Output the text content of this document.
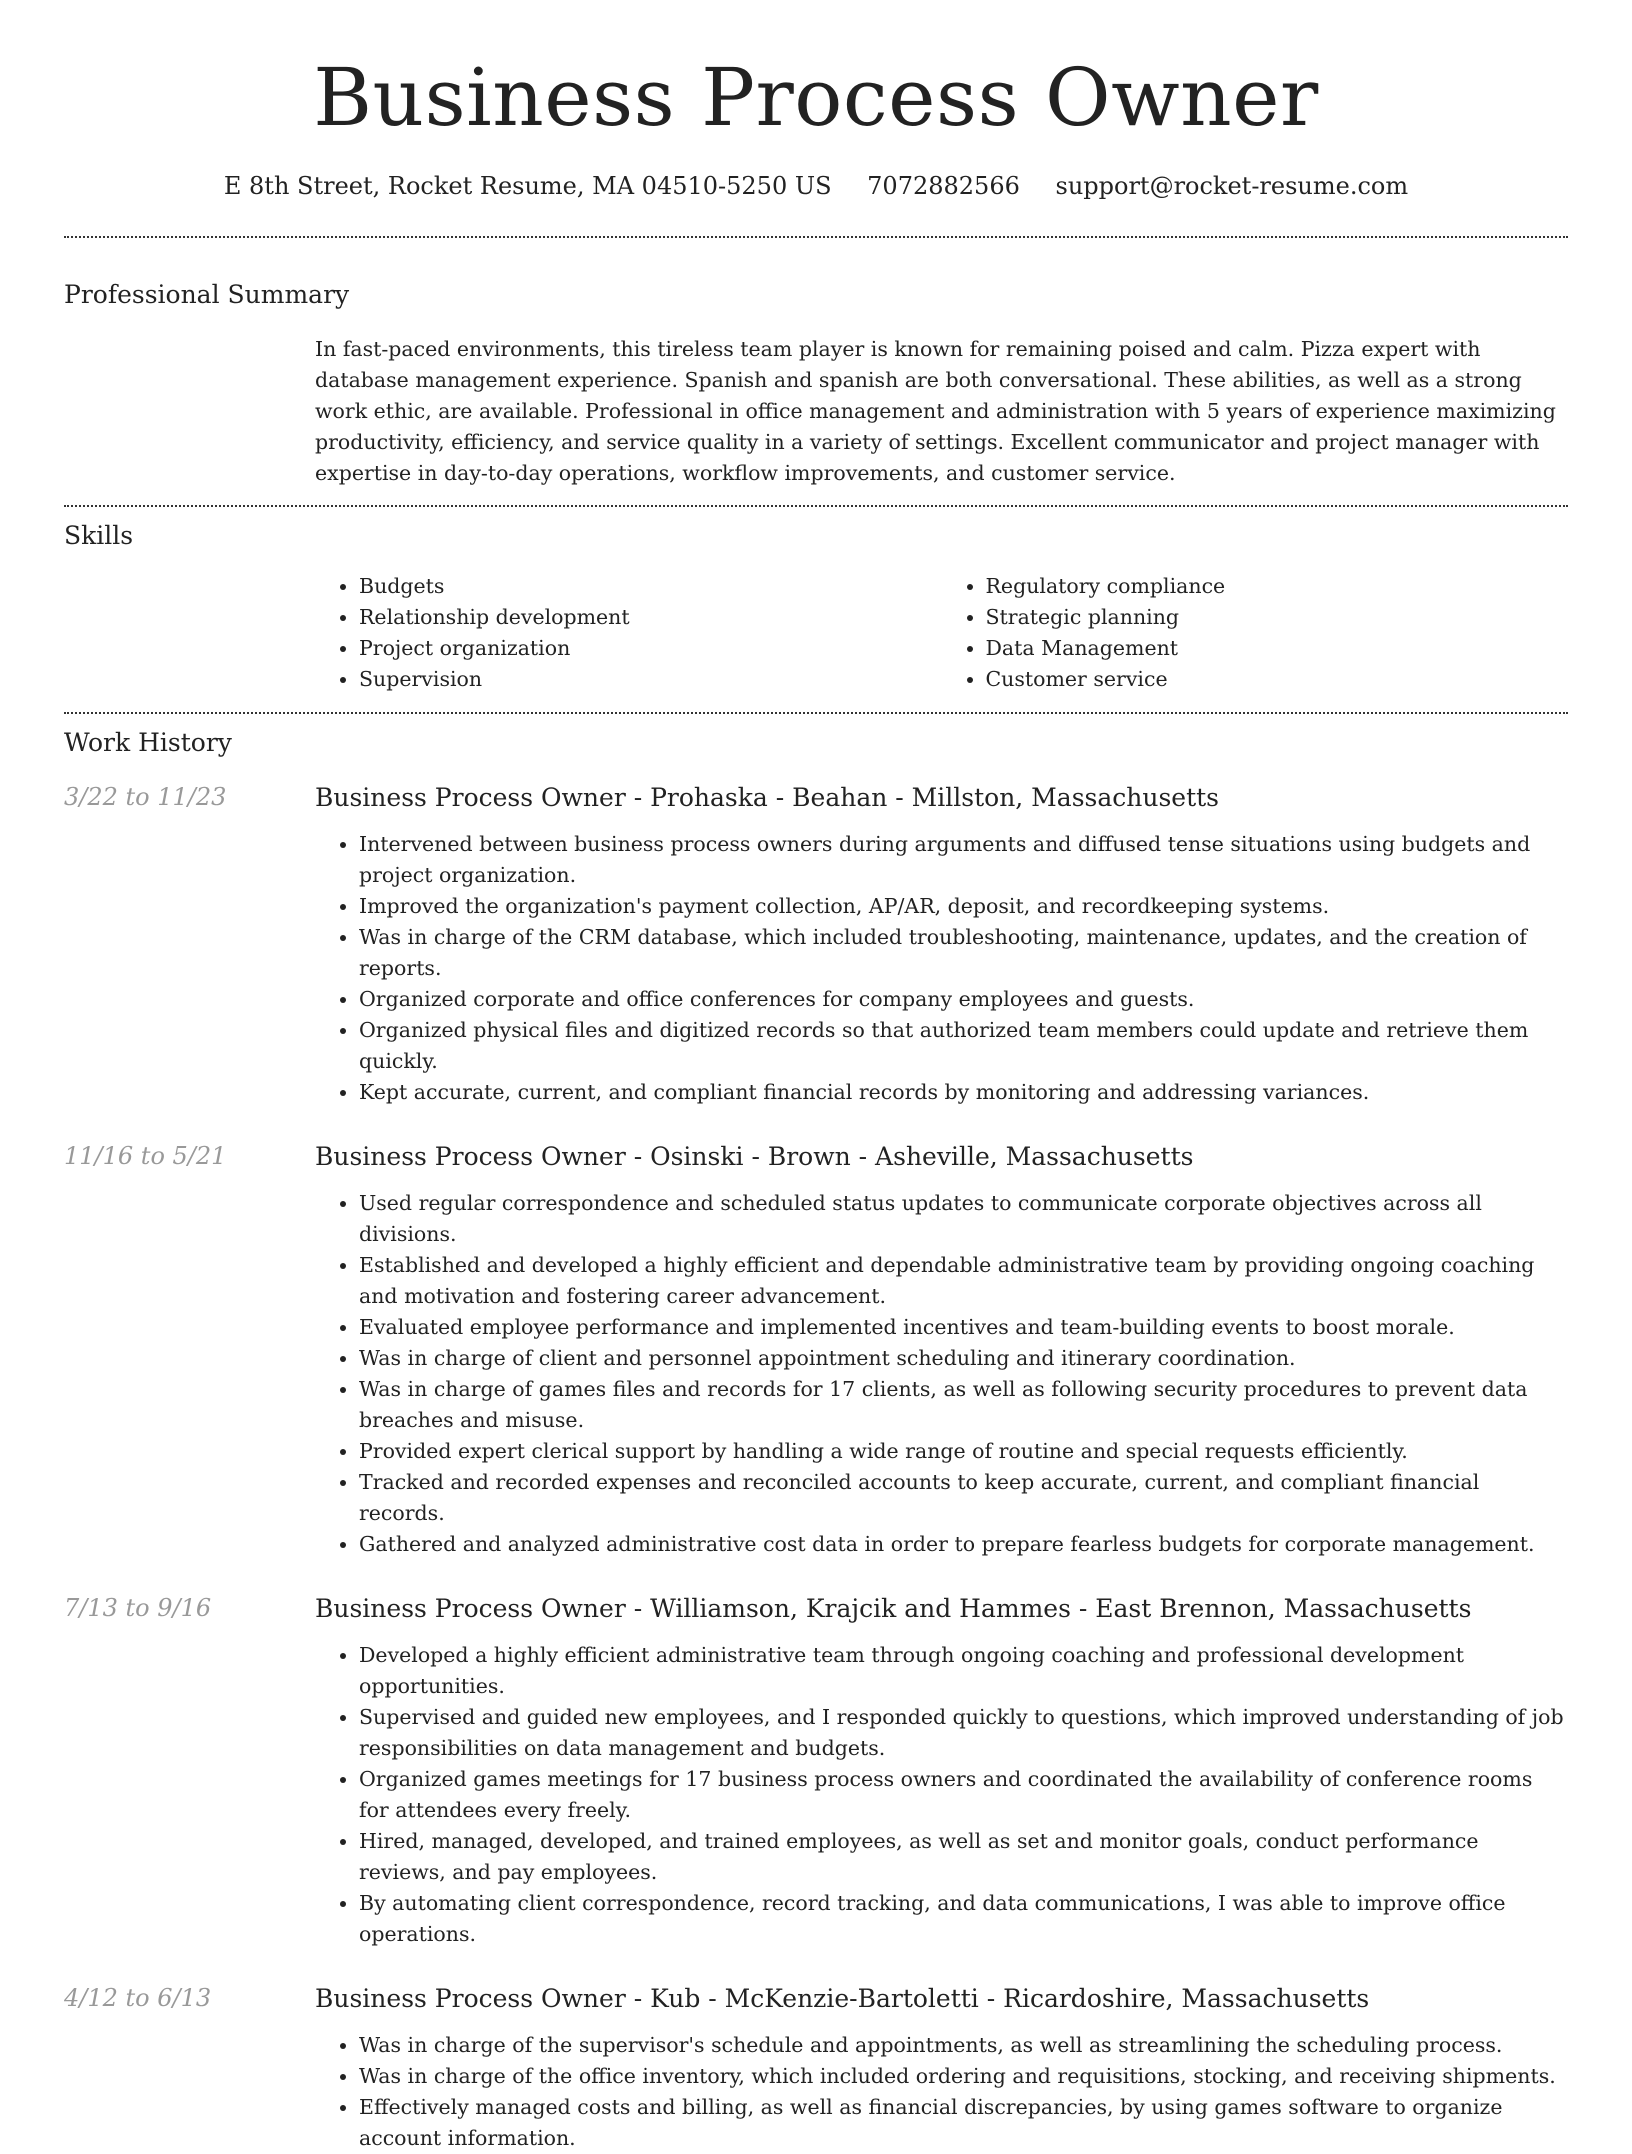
Business Process Owner
E 8th Street, Rocket Resume, MA 04510-5250 US 7072882566 support@rocket-resume.com
Professional Summary

In fast-paced environments, this tireless team player is known for remaining poised and calm. Pizza expert with database management experience. Spanish and spanish are both conversational. These abilities, as well as a strong work ethic, are available. Professional in office management and administration with 5 years of experience maximizing productivity, efficiency, and service quality in a variety of settings. Excellent communicator and project manager with expertise in day-to-day operations, workflow improvements, and customer service.

Skills
• Budgets
• Relationship development
• Project organization
• Supervision
• Regulatory compliance
• Strategic planning
• Data Management
• Customer service
Work History
3/22 to 11/23	Business Process Owner - Prohaska - Beahan - Millston, Massachusetts
• Intervened between business process owners during arguments and diffused tense situations using budgets and project organization.
• Improved the organization's payment collection, AP/AR, deposit, and recordkeeping systems.
• Was in charge of the CRM database, which included troubleshooting, maintenance, updates, and the creation of reports.
• Organized corporate and office conferences for company employees and guests.
• Organized physical files and digitized records so that authorized team members could update and retrieve them quickly.
• Kept accurate, current, and compliant financial records by monitoring and addressing variances.
11/16 to 5/21	Business Process Owner - Osinski - Brown - Asheville, Massachusetts
• Used regular correspondence and scheduled status updates to communicate corporate objectives across all divisions.
• Established and developed a highly efficient and dependable administrative team by providing ongoing coaching and motivation and fostering career advancement.
• Evaluated employee performance and implemented incentives and team-building events to boost morale.
• Was in charge of client and personnel appointment scheduling and itinerary coordination.
• Was in charge of games files and records for 17 clients, as well as following security procedures to prevent data breaches and misuse.
• Provided expert clerical support by handling a wide range of routine and special requests efficiently.
• Tracked and recorded expenses and reconciled accounts to keep accurate, current, and compliant financial records.
• Gathered and analyzed administrative cost data in order to prepare fearless budgets for corporate management.
7/13 to 9/16	Business Process Owner - Williamson, Krajcik and Hammes - East Brennon, Massachusetts
• Developed a highly efficient administrative team through ongoing coaching and professional development opportunities.
• Supervised and guided new employees, and I responded quickly to questions, which improved understanding of job responsibilities on data management and budgets.
• Organized games meetings for 17 business process owners and coordinated the availability of conference rooms for attendees every freely.
• Hired, managed, developed, and trained employees, as well as set and monitor goals, conduct performance reviews, and pay employees.
• By automating client correspondence, record tracking, and data communications, I was able to improve office operations.
4/12 to 6/13	Business Process Owner - Kub - McKenzie-Bartoletti - Ricardoshire, Massachusetts
• Was in charge of the supervisor's schedule and appointments, as well as streamlining the scheduling process.
• Was in charge of the office inventory, which included ordering and requisitions, stocking, and receiving shipments.
• Effectively managed costs and billing, as well as financial discrepancies, by using games software to organize account information.
